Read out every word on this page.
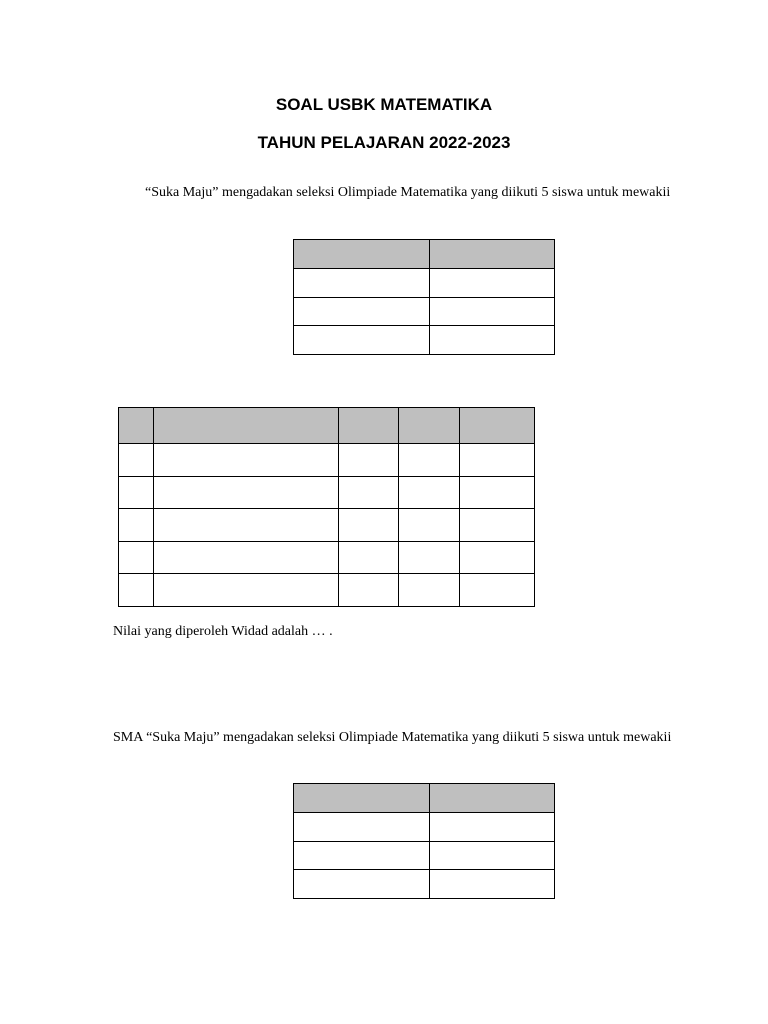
SOAL USBK MATEMATIKA
TAHUN PELAJARAN 2022-2023
“Suka Maju” mengadakan seleksi Olimpiade Matematika yang diikuti 5 siswa untuk mewakii

Nilai yang diperoleh Widad adalah … .
SMA “Suka Maju” mengadakan seleksi Olimpiade Matematika yang diikuti 5 siswa untuk mewakii
